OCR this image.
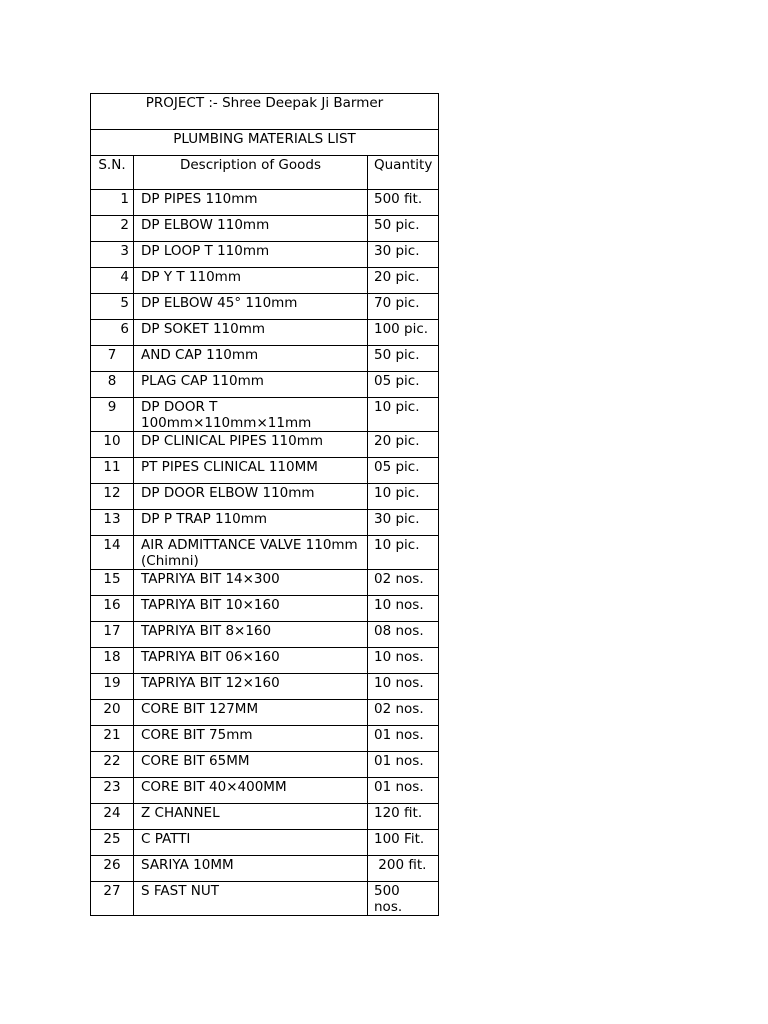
PROJECT :- Shree Deepak Ji Barmer		
PLUMBING MATERIALS LIST		
S.N.	Description of Goods	Quantity
1	DP PIPES 110mm	500 fit.
2	DP ELBOW 110mm	50 pic.
3	DP LOOP T 110mm	30 pic.
4	DP Y T 110mm	20 pic.
5	DP ELBOW 45° 110mm	70 pic.
6	DP SOKET 110mm	100 pic.
7	AND CAP 110mm	50 pic.
8	PLAG CAP 110mm	05 pic.
9	DP DOOR T 100mm×110mm×11mm	10 pic.
10	DP CLINICAL PIPES 110mm	20 pic.
11	PT PIPES CLINICAL 110MM	05 pic.
12	DP DOOR ELBOW 110mm	10 pic.
13	DP P TRAP 110mm	30 pic.
14	AIR ADMITTANCE VALVE 110mm (Chimni)	10 pic.
15	TAPRIYA BIT 14×300	02 nos.
16	TAPRIYA BIT 10×160	10 nos.
17	TAPRIYA BIT 8×160	08 nos.
18	TAPRIYA BIT 06×160	10 nos.
19	TAPRIYA BIT 12×160	10 nos.
20	CORE BIT 127MM	02 nos.
21	CORE BIT 75mm	01 nos.
22	CORE BIT 65MM	01 nos.
23	CORE BIT 40×400MM	01 nos.
24	Z CHANNEL	120 fit.
25	C PATTI	100 Fit.
26	SARIYA 10MM	200 fit.
27	S FAST NUT	500 nos.
